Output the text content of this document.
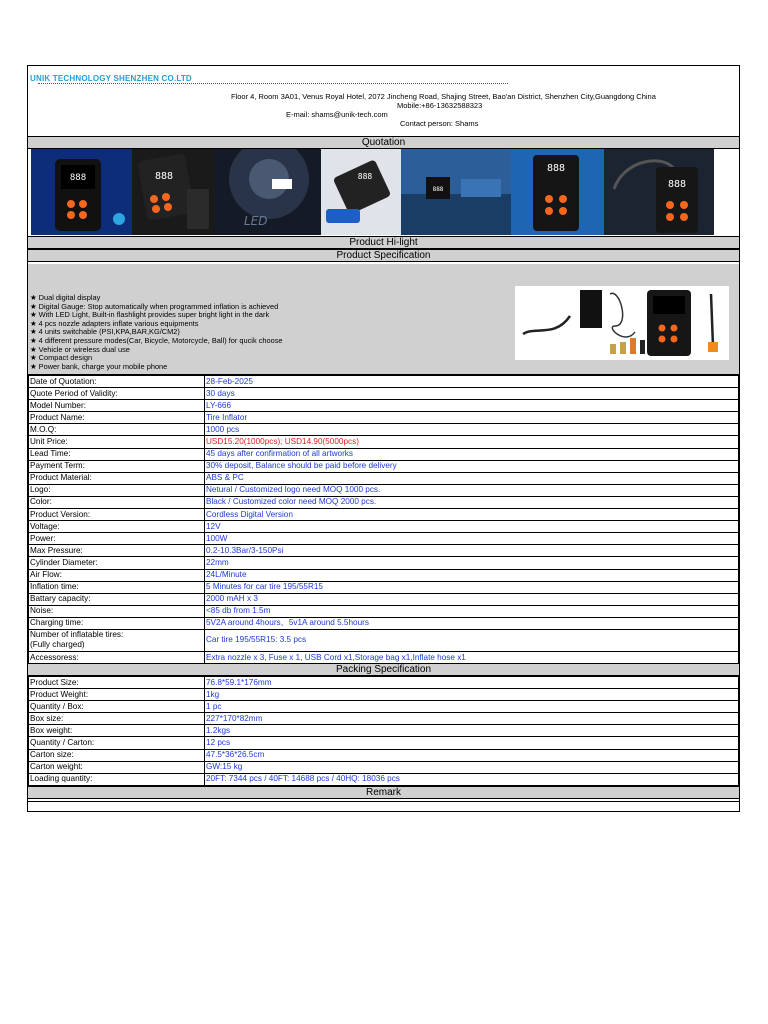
UNIK TECHNOLOGY SHENZHEN CO.LTD
Floor 4, Room 3A01, Venus Royal Hotel, 2072 Jincheng Road, Shajing Street, Bao'an District, Shenzhen City,Guangdong China
Mobile:+86-13632588323
E-mail: shams@unik-tech.com
Contact person: Shams
Quotation
888	888
LED
888
888
888
888
Product Hi-light
Product Specification
★ Dual digital display
★ Digital Gauge: Stop automatically when programmed inflation is achieved
★ With LED Light, Built-in flashlight provides super bright light in the dark
★ 4 pcs nozzle adapters inflate various equipments
★ 4 units switchable (PSI,KPA,BAR,KG/CM2)
★ 4 different pressure modes(Car, Bicycle, Motorcycle, Ball) for qucik choose
★ Vehicle or wireless dual use
★ Compact design
★ Power bank, charge your mobile phone
Date of Quotation:	28-Feb-2025
Quote Period of Validity:	30 days
Model Number:	LY-666
Product Name:	Tire Inflator
M.O.Q:	1000 pcs
Unit Price:	USD15.20(1000pcs); USD14.90(5000pcs)
Lead Time:	45 days after confirmation of all artworks
Payment Term:	30% deposit, Balance should be paid before delivery
Product Material:	ABS & PC
Logo:	Netural / Customized logo need MOQ 1000 pcs.
Color:	Black / Customized color need MOQ 2000 pcs.
Product Version:	Cordless Digital Version
Voltage:	12V
Power:	100W
Max Pressure:	0.2-10.3Bar/3-150Psi
Cylinder Diameter:	22mm
Air Flow:	24L/Minute
Inflation time:	5 Minutes for car tire 195/55R15
Battary capacity:	2000 mAH x 3
Noise:	<85 db from 1.5m
Charging time:	5V2A around 4hours、5v1A around 5.5hours

Number of inflatable tires:
(Fully charged)	Car tire 195/55R15: 3.5 pcs
Accessoress:	Extra nozzle x 3, Fuse x 1, USB Cord x1,Storage bag x1,Inflate hose x1
Packing Specification
Product Size:	76.8*59.1*176mm
Product Weight:	1kg
Quantity / Box:	1 pc
Box size:	227*170*82mm
Box weight:	1.2kgs
Quantity / Carton:	12 pcs
Carton size:	47.5*36*26.5cm
Carton weight:	GW:15 kg
Loading quantity:	20FT: 7344 pcs / 40FT: 14688 pcs / 40HQ: 18036 pcs
Remark
